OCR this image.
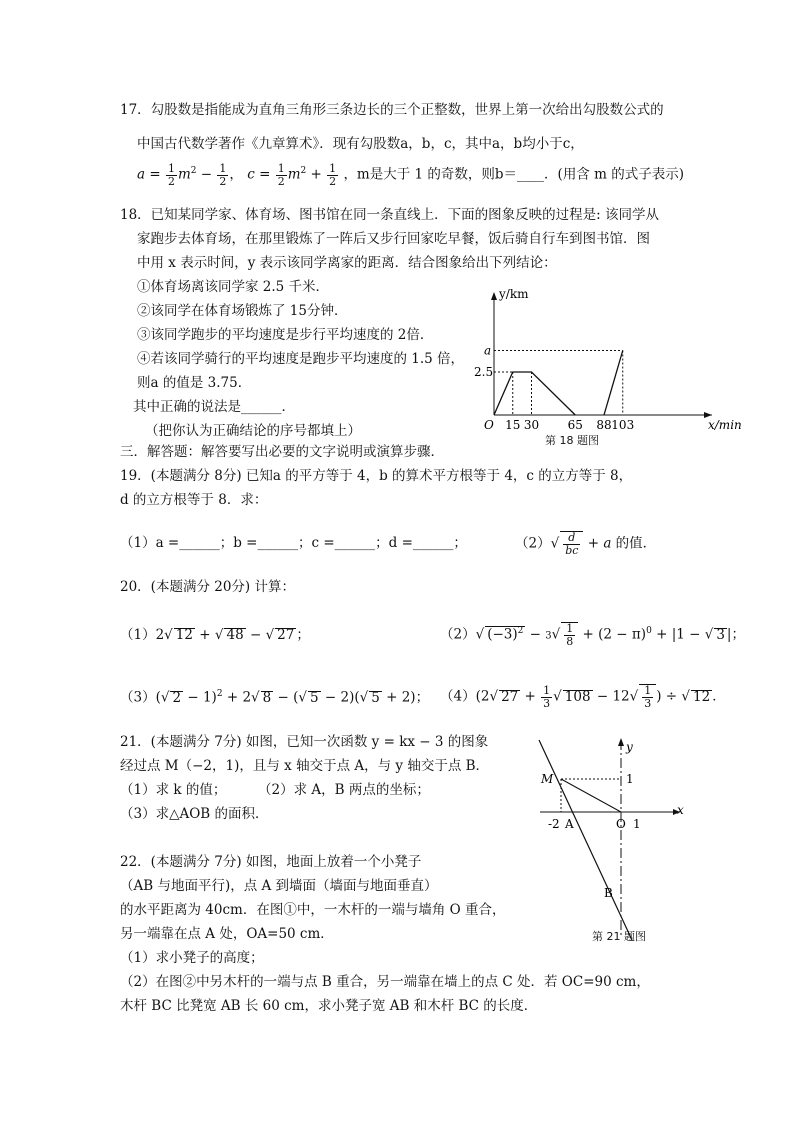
17．勾股数是指能成为直角三角形三条边长的三个正整数，世界上第一次给出勾股数公式的
中国古代数学著作《九章算术》．现有勾股数a，b，c，其中a，b均小于c，
$a = \frac{1}{2} m^2 - \frac{1}{2}$ ， $c = \frac{1}{2} m^2 + \frac{1}{2}$ ，m是大于 1 的奇数，则b＝____．(用含 m 的式子表示)
18．已知某同学家、体育场、图书馆在同一条直线上．下面的图象反映的过程是: 该同学从
家跑步去体育场，在那里锻炼了一阵后又步行回家吃早餐，饭后骑自行车到图书馆．图
中用 x 表示时间，y 表示该同学离家的距离．结合图象给出下列结论：
①体育场离该同学家 2.5 千米．
②该同学在体育场锻炼了 15分钟．
③该同学跑步的平均速度是步行平均速度的 2倍．
④若该同学骑行的平均速度是跑步平均速度的 1.5 倍，
则a 的值是 3.75．
其中正确的说法是______．
（把你认为正确结论的序号都填上）
y/km
x/min
O
2.5
a
15 30 65 88 103
第 18 题图
三．解答题：解答要写出必要的文字说明或演算步骤．
19．(本题满分 8分) 已知a 的平方等于 4，b 的算术平方根等于 4，c 的立方等于 8，
d 的立方根等于 8．求：
（1）a =______；b =______；c =______；d =______；	$(2)√ \frac{d}{bc} + a$ 的值．
20．(本题满分 20分) 计算：
（1）2√ 12 + √ 48 − √ 27 ；	（2）√ $(-3)^2 - 3√ \frac{1}{8} + (2 - \pi)^0 + |1$ − √ 3 |；
（3）(√ 2 − 1)$^2$ + 2√ 8 − (√ 5 − 2)(√ 5 + 2)； （4）(2√ $27 + \frac{1}{3}$ √ $108 - 12√ \frac{1}{3}$ ) ÷ √ 12 ．
21．(本题满分 7分) 如图，已知一次函数 y = kx − 3 的图象
经过点 M（−2，1)，且与 x 轴交于点 A，与 y 轴交于点 B．
（1）求 k 的值； （2）求 A，B 两点的坐标；
（3）求△AOB 的面积．
M
y
x
1
-2 A	O 1
B
第 21 题图
22．(本题满分 7分) 如图，地面上放着一个小凳子
（AB 与地面平行)，点 A 到墙面（墙面与地面垂直）
的水平距离为 40cm．在图①中，一木杆的一端与墙角 O 重合，
另一端靠在点 A 处，OA=50 cm．
（1）求小凳子的高度；
（2）在图②中另木杆的一端与点 B 重合，另一端靠在墙上的点 C 处．若 OC=90 cm，
木杆 BC 比凳宽 AB 长 60 cm，求小凳子宽 AB 和木杆 BC 的长度．
